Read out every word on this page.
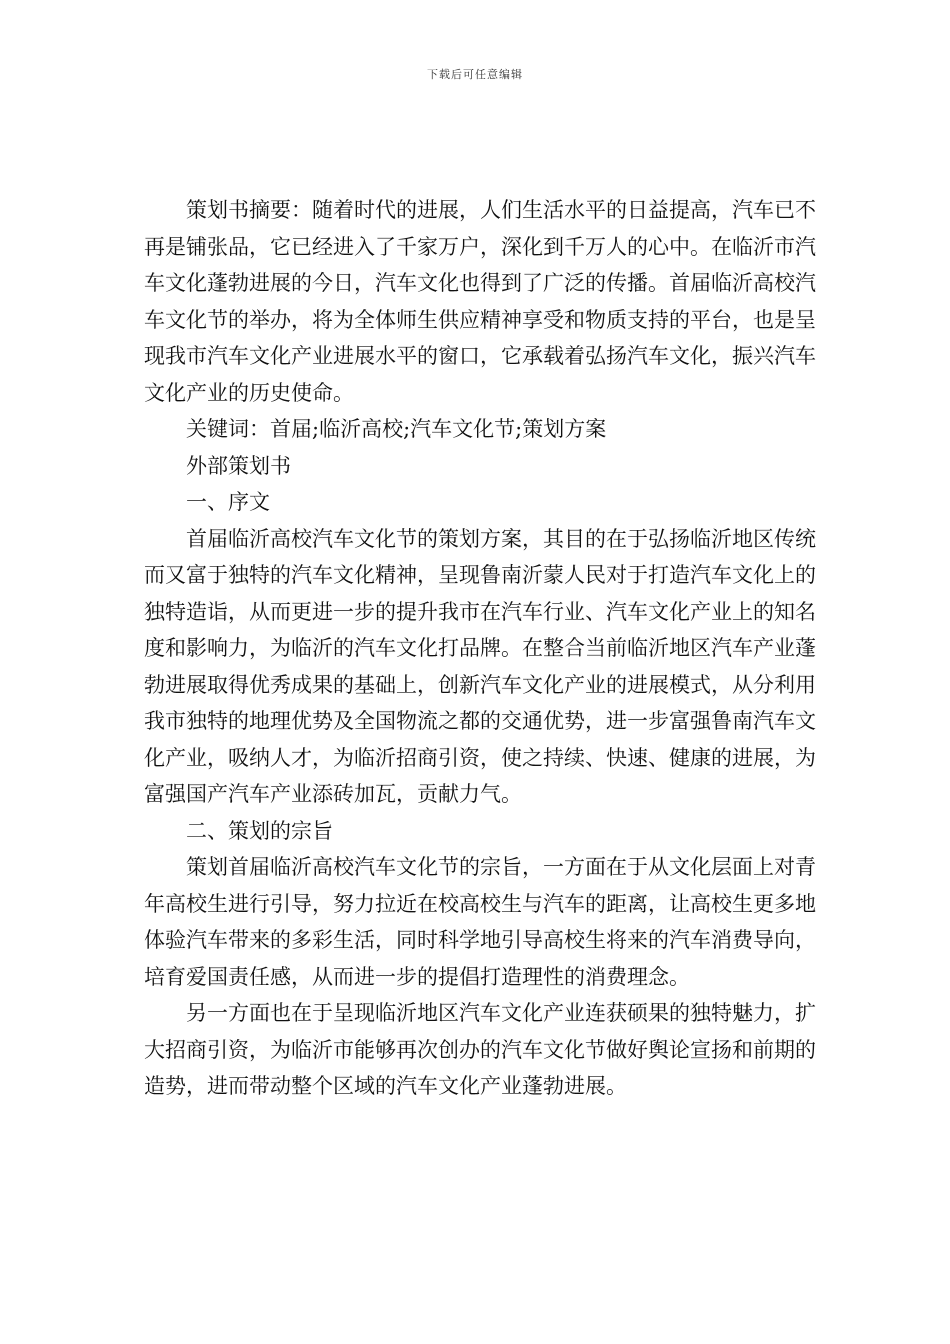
下载后可任意编辑

策划书摘要：随着时代的进展，人们生活水平的日益提高，汽车已不再是铺张品，它已经进入了千家万户，深化到千万人的心中。在临沂市汽车文化蓬勃进展的今日，汽车文化也得到了广泛的传播。首届临沂高校汽车文化节的举办，将为全体师生供应精神享受和物质支持的平台，也是呈现我市汽车文化产业进展水平的窗口，它承载着弘扬汽车文化，振兴汽车文化产业的历史使命。

关键词：首届;临沂高校;汽车文化节;策划方案

外部策划书

一、序文

首届临沂高校汽车文化节的策划方案，其目的在于弘扬临沂地区传统而又富于独特的汽车文化精神，呈现鲁南沂蒙人民对于打造汽车文化上的独特造诣，从而更进一步的提升我市在汽车行业、汽车文化产业上的知名度和影响力，为临沂的汽车文化打品牌。在整合当前临沂地区汽车产业蓬勃进展取得优秀成果的基础上，创新汽车文化产业的进展模式，从分利用我市独特的地理优势及全国物流之都的交通优势，进一步富强鲁南汽车文化产业，吸纳人才，为临沂招商引资，使之持续、快速、健康的进展，为富强国产汽车产业添砖加瓦，贡献力气。

二、策划的宗旨

策划首届临沂高校汽车文化节的宗旨，一方面在于从文化层面上对青年高校生进行引导，努力拉近在校高校生与汽车的距离，让高校生更多地体验汽车带来的多彩生活，同时科学地引导高校生将来的汽车消费导向，培育爱国责任感，从而进一步的提倡打造理性的消费理念。

另一方面也在于呈现临沂地区汽车文化产业连获硕果的独特魅力，扩大招商引资，为临沂市能够再次创办的汽车文化节做好舆论宣扬和前期的造势，进而带动整个区域的汽车文化产业蓬勃进展。
